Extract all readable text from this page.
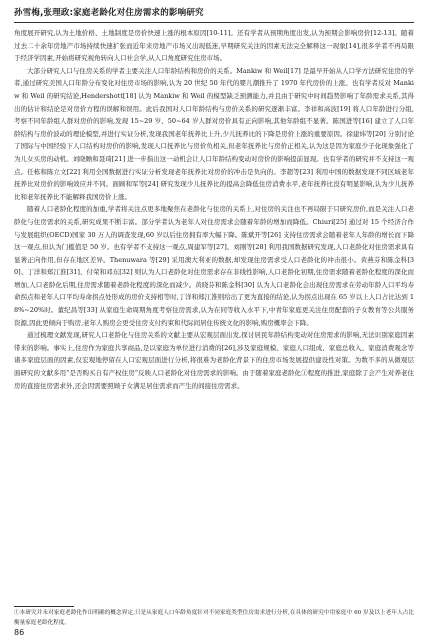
孙雪梅,张理政:家庭老龄化对住房需求的影响研究

角度展开研究,认为土地价格、土地制度是房价快速上涨的根本原因[10-11]。还有学者从预期角度出发,认为预期会影响房价[12-13]。随着过去二十余年房地产市场持续快速扩张而近年来房地产市场又出现低迷,早期研究关注的因素无法完全解释这一现象[14],很多学者不再局限于经济学因素,开始将研究视角转向人口社会学,从人口角度研究住房市场。

大部分研究人口与住房关系的学者主要关注人口年龄结构和房价的关系。Mankiw 和 Weil[17] 是最早开始从人口学方法研究住房的学者,通过研究美国人口年龄分布变化对住房市场的影响,认为 20 世纪 50 年代的婴儿潮推升了 1970 年代房价的上涨。也有学者反对 Mankiw 和 Weil 的研究结论,Hendershott[18] 认为 Mankiw 和 Weil 的模型缺乏预测能力,并且由于研究中时间趋势影响了年龄需求关系,其得出的估计和结论是对房价方程的误解和误用。此后我国对人口年龄结构与房价关系的研究逐渐丰富。李祥和高波[19] 将人口年龄进行分组,考察不同年龄组人群对房价的影响,发现 15~29 岁、50~64 岁人群对房价具有正向影响,其他年龄组不显著。陈国进等[16] 建立了人口年龄结构与房价波动的理论模型,并进行实证分析,发现我国老年抚养比上升,少儿抚养比的下降是房价上涨的重要原因。徐建炜等[20] 分别讨论了国际与中国经验下人口结构对房价的影响,发现人口抚养比与房价负相关,但老年抚养比与房价正相关,认为这是因为家庭少子化现象强化了为儿女买房的动机。刘晓瞻和聂琦[21] 进一步指出这一动机会让人口年龄结构变动对房价的影响提前显现。也有学者的研究并不支持这一观点。任栋和陈立文[22] 利用全国数据进行实证分析发现老年抚养比对房价的冲击是负向的。李超等[23] 利用中国的数据发现不同区域老年抚养比对房价的影响效应并不同。面顾和军等[24] 研究发现少儿抚养比的提高会降低住房消费水平,老年抚养比没有明显影响,认为少儿抚养比和老年抚养比不能解释我国房价上涨。

随着人口老龄化程度的加重,学者将关注点更多地聚焦在老龄化与住房的关系上,对住房的关注也不再局限于只研究房价,而是关注人口老龄化与住房需求的关系,研究成果不断丰富。部分学者认为老年人对住房需求会随着年龄的增加而降低。Chiuri[25] 通过对 15 个经济合作与发展组织(OECD)国家 30 万人的调查发现,60 岁以后住房拥有率大幅下降。陈斌开等[26] 支持住房需求会随着老年人年龄的增长而下降这一观点,但认为门槛值是 50 岁。也有学者不支持这一观点,周建军等[27]、刘刚等[28] 利用我国数据研究发现,人口老龄化对住房需求具有显著正向作用,但存在地区差异。Thenuwara 等[29] 采用澳大利亚的数据,却发现住房需求受人口老龄化的冲击很小。黄燕芬和陈金科[30]、丁洋和郑江淮[31]、付荣和邓东[32] 则认为人口老龄化对住房需求存在非线性影响,人口老龄化初期,住房需求随着老龄化程度的深化而增加,人口老龄化后期,住房需求随着老龄化程度的深化而减少。黄晓芬和陈金科[30] 认为人口老龄化会出现住房需求在劳动年龄人口平均寿命拐点和老年人口平均寿命拐点处形成的房价支持相等时,丁洋和郑江淮则给出了更为直接的结论,认为拐点出现在 65 岁以上人口占比达到 18%~20%时。董纪昌等[33] 从家庭生命周期角度考察住房需求,认为在同等收入水平下,中青年家庭更关注住房配套的子女教育等公共服务资源,因此更倾向于购房,老年人购房会更受住房支付约束和代际间居住传统文化的影响,购房概率会下降。

通过梳理文献发现,研究人口老龄化与住房关系的文献主要从宏观层面出发,探讨居民年龄结构变动对住房需求的影响,无法识别家庭因素带来的影响。事实上,住房作为家庭共享商品,是以家庭为单位进行消费的[26],涉及家庭规模、家庭人口组成、家庭总收入、家庭消费观念等诸多家庭层面的因素,仅宏观地停留在人口宏观层面进行分析,将很难为老龄化背景下的住房市场发展提供建设性对策。为数不多的从微观层面研究的文献多用“是否购买自有产权住房”反映人口老龄化对住房需求的影响。由于随着家庭老龄化①程度的推进,家庭除了会产生对养老住房的直接住房需求外,还会因需要照顾子女满足居住需求而产生的间接住房需求。

①本研究并未对家庭老龄化作出明确的概念界定,只是从家庭人口年龄角度针对不同家庭类型住房需求进行分析,在具体的研究中用家庭中 60 岁及以上老年人占比衡量家庭老龄化程度。
86
